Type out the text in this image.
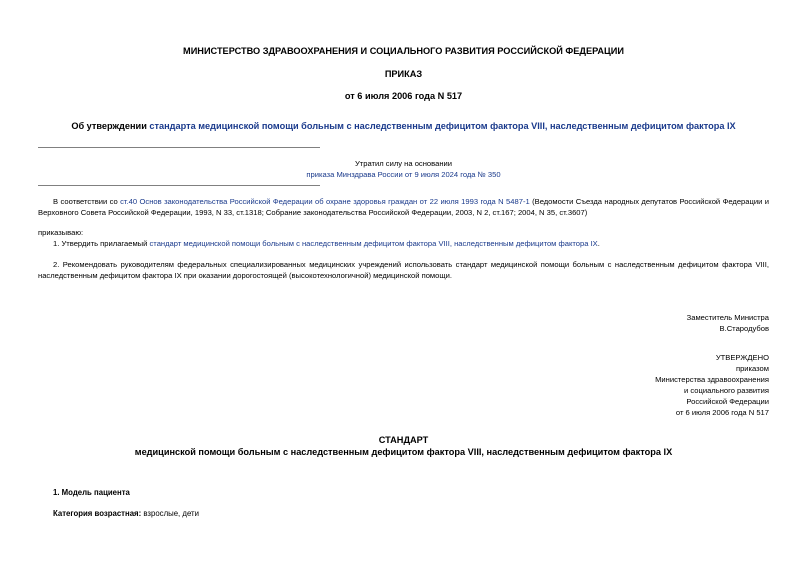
МИНИСТЕРСТВО ЗДРАВООХРАНЕНИЯ И СОЦИАЛЬНОГО РАЗВИТИЯ РОССИЙСКОЙ ФЕДЕРАЦИИ
ПРИКАЗ
от 6 июля 2006 года N 517
Об утверждении стандарта медицинской помощи больным с наследственным дефицитом фактора VIII, наследственным дефицитом фактора IX
Утратил силу на основании
приказа Минздрава России от 9 июля 2024 года № 350
В соответствии со ст.40 Основ законодательства Российской Федерации об охране здоровья граждан от 22 июля 1993 года N 5487-1 (Ведомости Съезда народных депутатов Российской Федерации и Верховного Совета Российской Федерации, 1993, N 33, ст.1318; Собрание законодательства Российской Федерации, 2003, N 2, ст.167; 2004, N 35, ст.3607)
приказываю:
1. Утвердить прилагаемый стандарт медицинской помощи больным с наследственным дефицитом фактора VIII, наследственным дефицитом фактора IX.
2. Рекомендовать руководителям федеральных специализированных медицинских учреждений использовать стандарт медицинской помощи больным с наследственным дефицитом фактора VIII, наследственным дефицитом фактора IX при оказании дорогостоящей (высокотехнологичной) медицинской помощи.
Заместитель Министра
В.Стародубов
УТВЕРЖДЕНО
приказом
Министерства здравоохранения
и социального развития
Российской Федерации
от 6 июля 2006 года N 517
СТАНДАРТ
медицинской помощи больным с наследственным дефицитом фактора VIII, наследственным дефицитом фактора IX
1. Модель пациента
Категория возрастная: взрослые, дети
